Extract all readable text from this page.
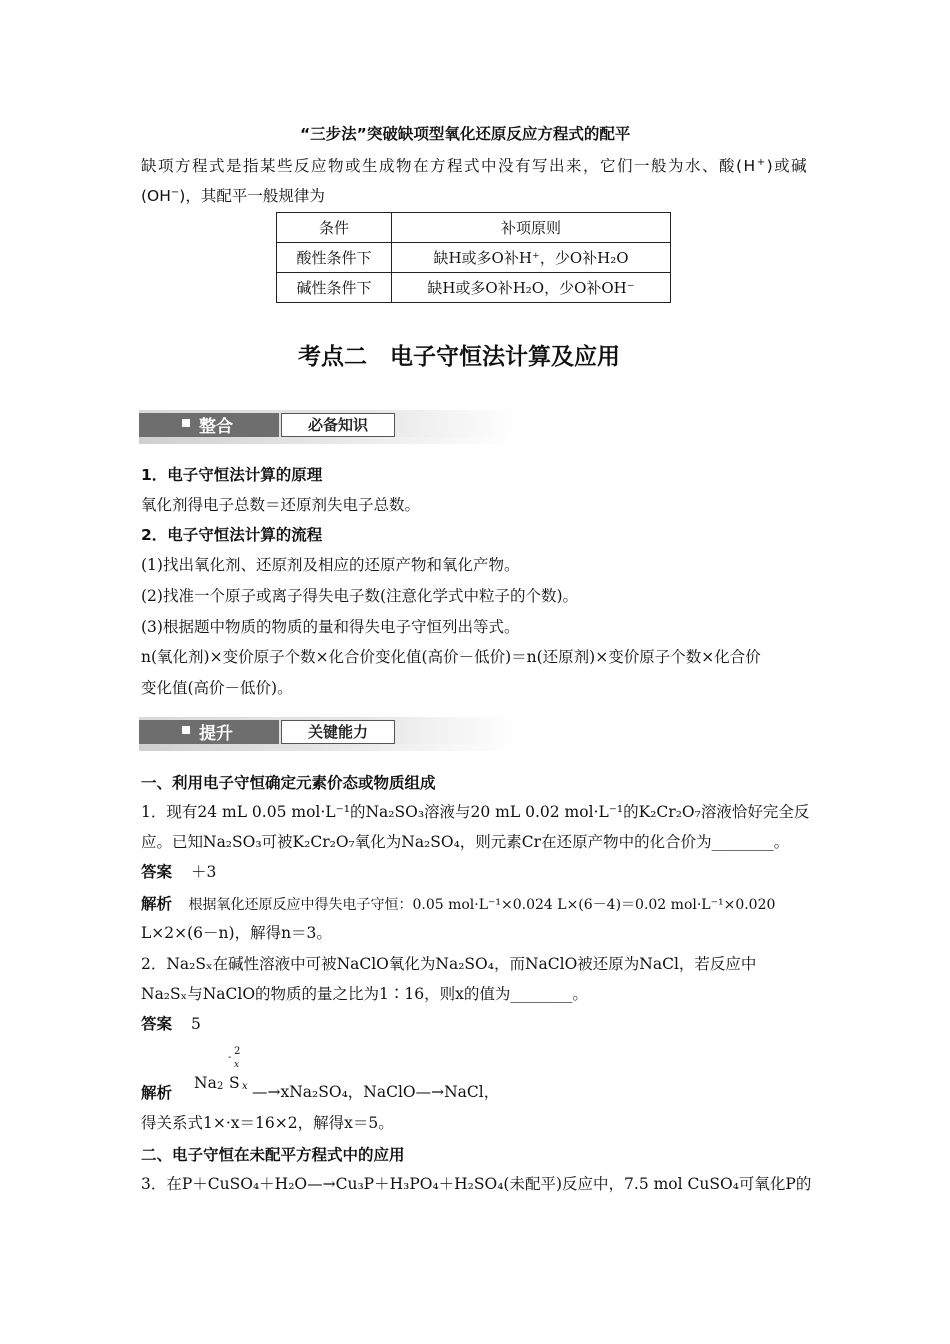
“三步法”突破缺项型氧化还原反应方程式的配平
缺项方程式是指某些反应物或生成物在方程式中没有写出来，它们一般为水、酸(H+)或碱
(OH−)，其配平一般规律为
条件	补项原则
酸性条件下	缺H或多O补H⁺，少O补H₂O
碱性条件下	缺H或多O补H₂O，少O补OH⁻
考点二　电子守恒法计算及应用
整合	必备知识
1．电子守恒法计算的原理
氧化剂得电子总数＝还原剂失电子总数。
2．电子守恒法计算的流程
(1)找出氧化剂、还原剂及相应的还原产物和氧化产物。
(2)找准一个原子或离子得失电子数(注意化学式中粒子的个数)。
(3)根据题中物质的物质的量和得失电子守恒列出等式。
n(氧化剂)×变价原子个数×化合价变化值(高价－低价)＝n(还原剂)×变价原子个数×化合价
变化值(高价－低价)。
提升	关键能力
一、利用电子守恒确定元素价态或物质组成
1．现有24 mL 0.05 mol·L⁻¹的Na₂SO₃溶液与20 mL 0.02 mol·L⁻¹的K₂Cr₂O₇溶液恰好完全反
应。已知Na₂SO₃可被K₂Cr₂O₇氧化为Na₂SO₄，则元素Cr在还原产物中的化合价为________。
答案 ＋3
解析 根据氧化还原反应中得失电子守恒：0.05 mol·L⁻¹×0.024 L×(6－4)＝0.02 mol·L⁻¹×0.020
L×2×(6－n)，解得n＝3。
2．Na₂Sₓ在碱性溶液中可被NaClO氧化为Na₂SO₄，而NaClO被还原为NaCl，若反应中
Na₂Sₓ与NaClO的物质的量之比为1∶16，则x的值为________。
答案 5
解析
-
2
x
Na 2 S x —→xNa₂SO₄，NaClO—→NaCl，
得关系式1×·x＝16×2，解得x＝5。
二、电子守恒在未配平方程式中的应用
3．在P＋CuSO₄＋H₂O—→Cu₃P＋H₃PO₄＋H₂SO₄(未配平)反应中，7.5 mol CuSO₄可氧化P的
